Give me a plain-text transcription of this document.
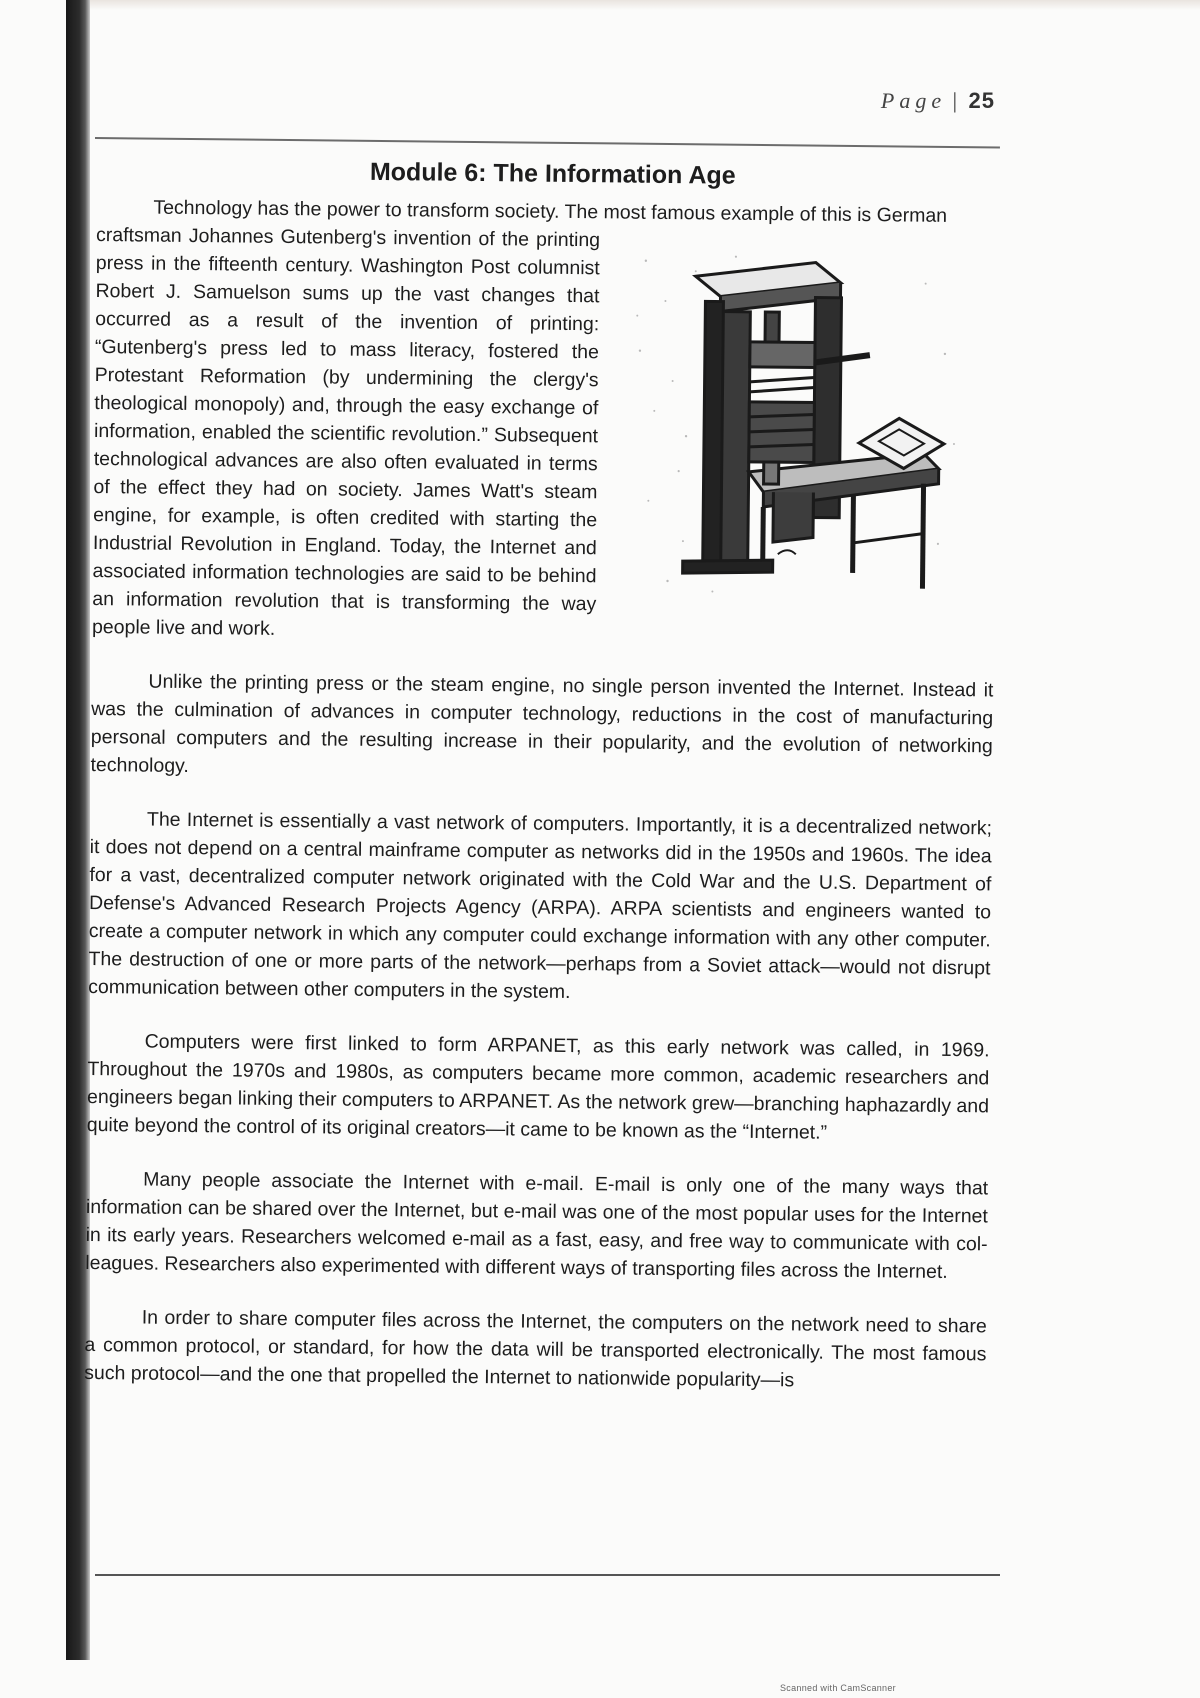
Page | 25
Module 6: The Information Age
Technology has the power to transform society. The most famous example of this is German

craftsman Johannes Gutenberg's invention of the printing press in the fifteenth century. Washington Post columnist Robert J. Samuelson sums up the vast changes that occurred as a result of the invention of printing: “Gutenberg's press led to mass literacy, fostered the Protestant Reformation (by undermining the clergy's theological monopoly) and, through the easy exchange of information, enabled the scientific revolution.” Subsequent technological advances are also often evaluated in terms of the effect they had on society. James Watt's steam engine, for example, is often credited with starting the Industrial Revolution in England. Today, the Internet and associated information technologies are said to be behind an information revolution that is transforming the way people live and work.

Unlike the printing press or the steam engine, no single person invented the Internet. Instead it was the culmination of advances in computer technology, reductions in the cost of manufacturing personal computers and the resulting increase in their popularity, and the evolution of networking technology.

The Internet is essentially a vast network of computers. Importantly, it is a decentralized network; it does not depend on a central mainframe computer as networks did in the 1950s and 1960s. The idea for a vast, decentralized computer network originated with the Cold War and the U.S. Department of Defense's Advanced Research Projects Agency (ARPA). ARPA scientists and engineers wanted to create a computer network in which any computer could exchange information with any other computer. The destruction of one or more parts of the network—perhaps from a Soviet attack—would not disrupt communication between other computers in the system.

Computers were first linked to form ARPANET, as this early network was called, in 1969. Throughout the 1970s and 1980s, as computers became more common, academic researchers and engineers began linking their computers to ARPANET. As the network grew—branching haphazardly and quite beyond the control of its original creators—it came to be known as the “Internet.”

Many people associate the Internet with e-mail. E-mail is only one of the many ways that information can be shared over the Internet, but e-mail was one of the most popular uses for the Internet in its early years. Researchers welcomed e-mail as a fast, easy, and free way to communicate with col- leagues. Researchers also experimented with different ways of transporting files across the Internet.

In order to share computer files across the Internet, the computers on the network need to share a common protocol, or standard, for how the data will be transported electronically. The most famous such protocol—and the one that propelled the Internet to nationwide popularity—is

Scanned with CamScanner
